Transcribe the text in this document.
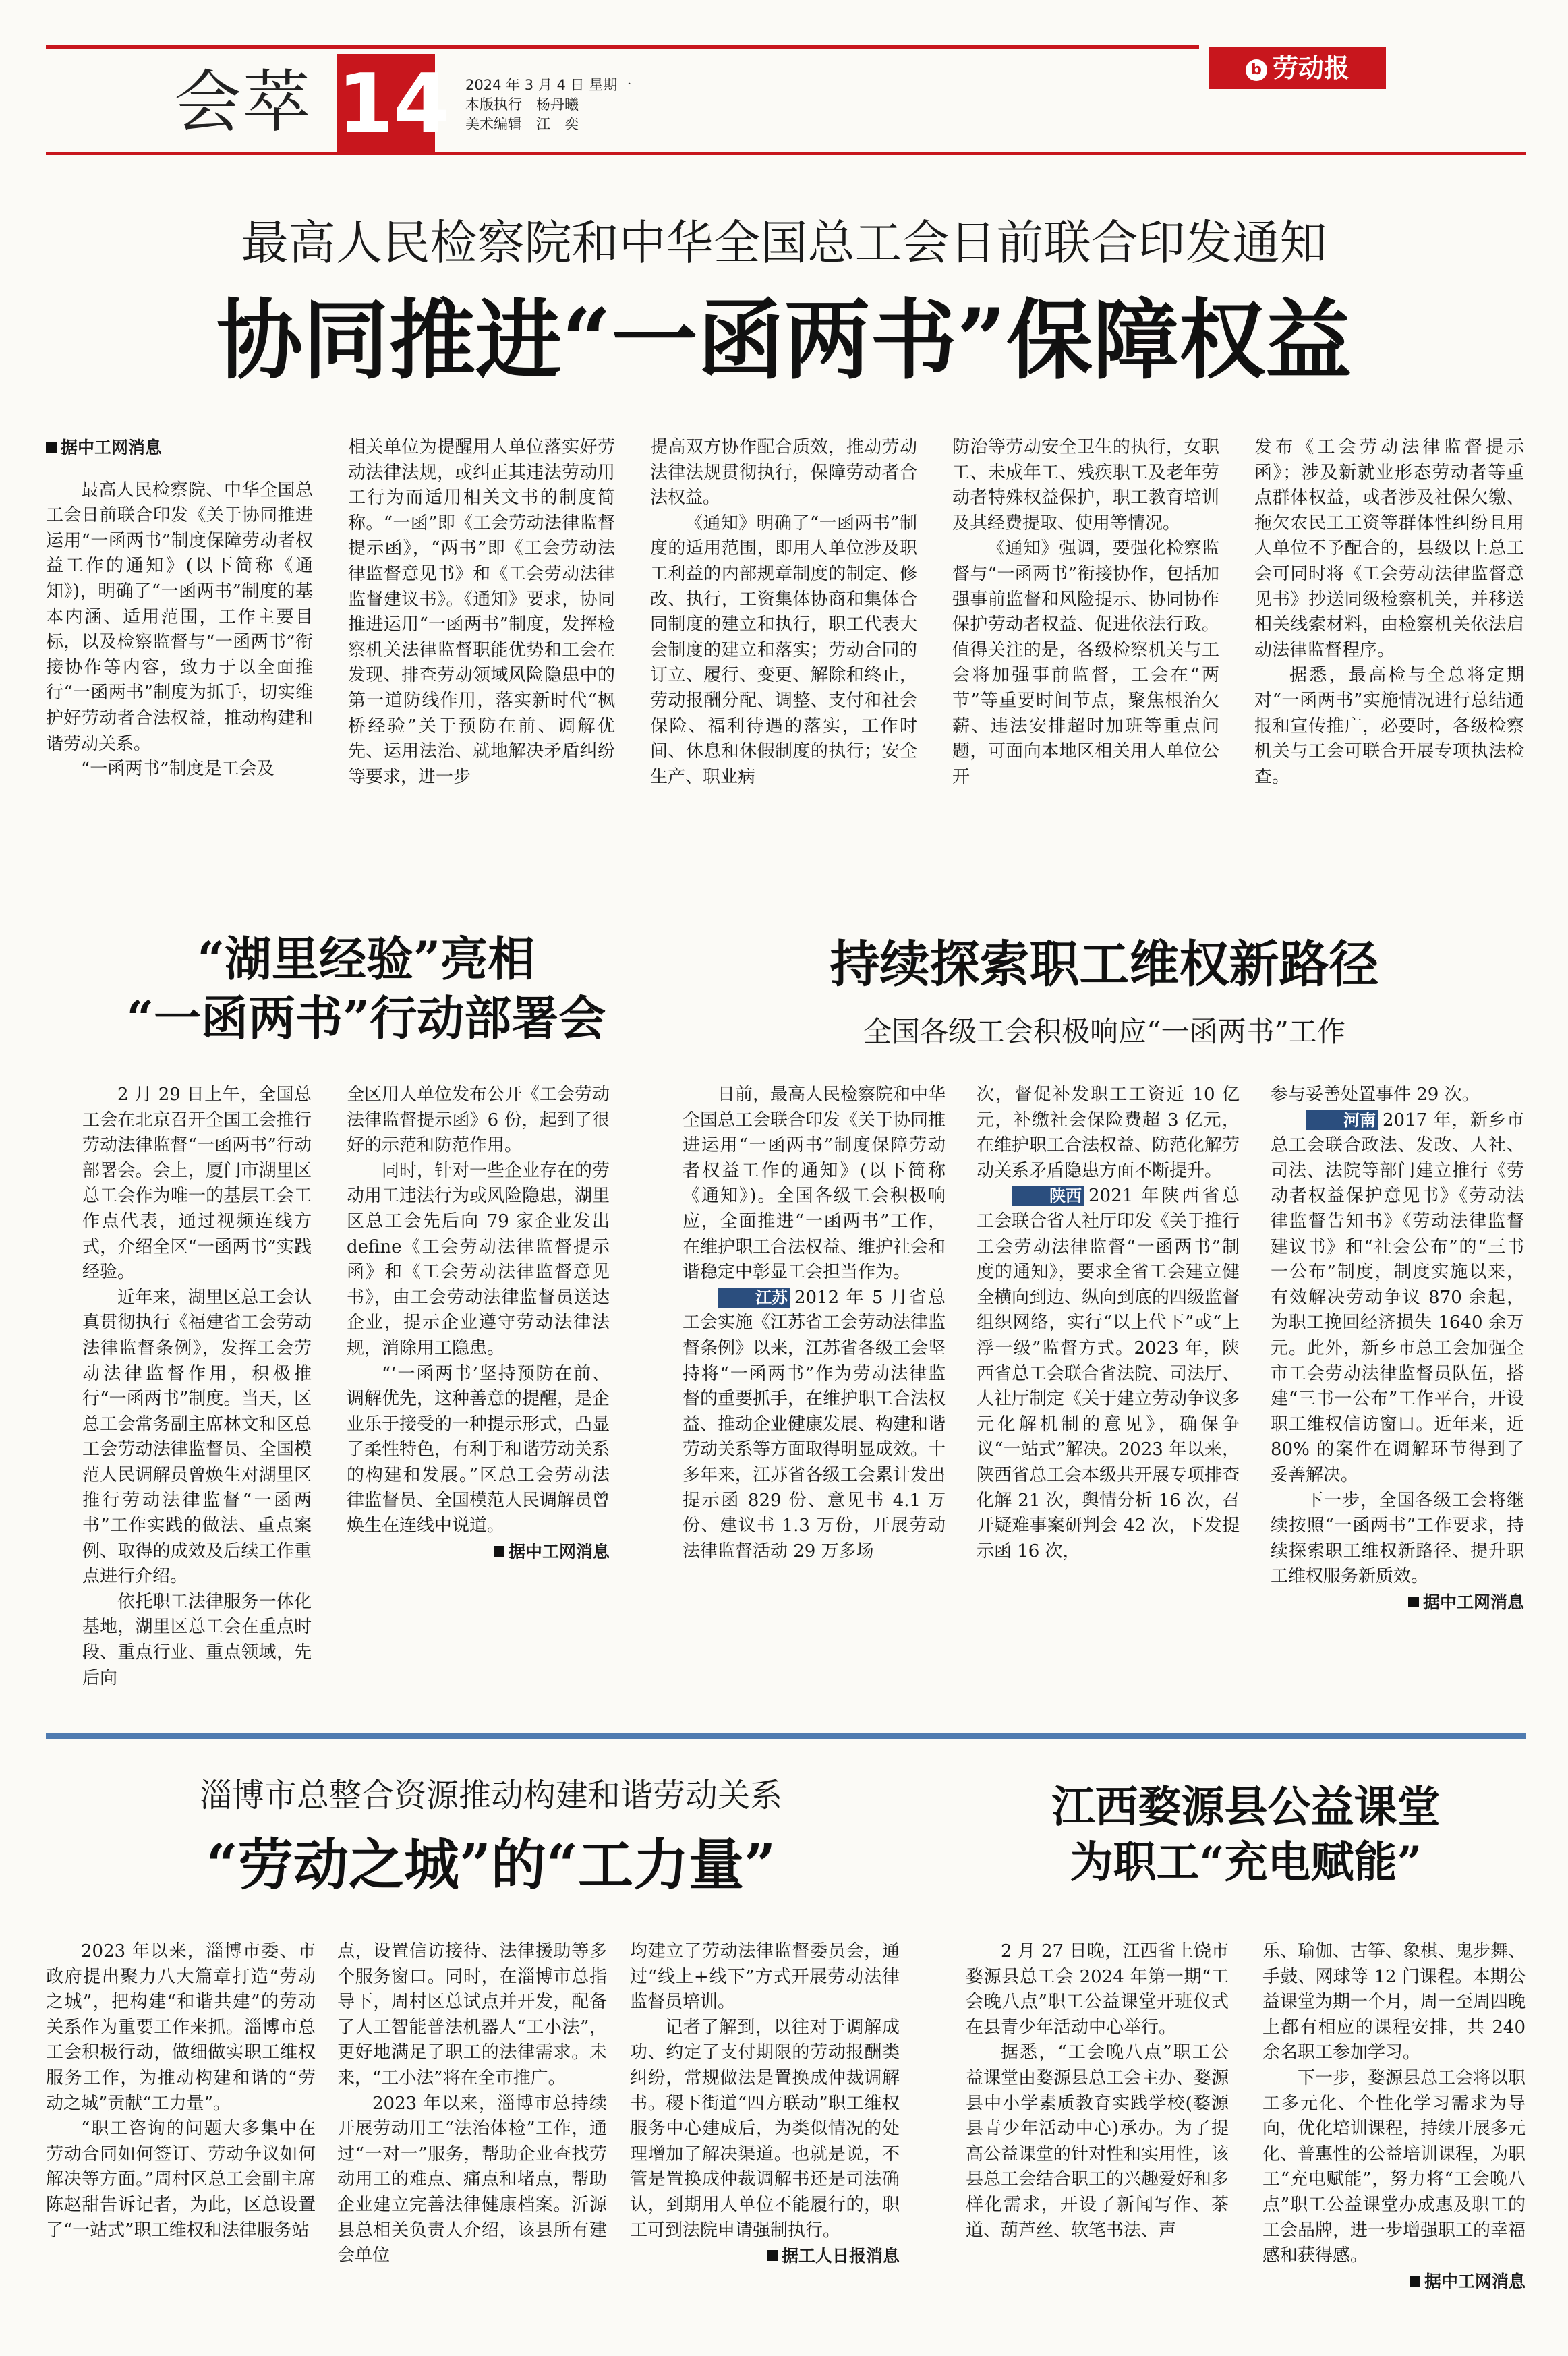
会萃 14 2024 年 3 月 4 日 星期一
本版执行　杨丹曦
美术编辑　江　奕
b 劳动报
最高人民检察院和中华全国总工会日前联合印发通知
协同推进“一函两书”保障权益

据中工网消息

最高人民检察院、中华全国总工会日前联合印发《关于协同推进运用“一函两书”制度保障劳动者权益工作的通知》(以下简称《通知》)，明确了“一函两书”制度的基本内涵、适用范围，工作主要目标，以及检察监督与“一函两书”衔接协作等内容，致力于以全面推行“一函两书”制度为抓手，切实维护好劳动者合法权益，推动构建和谐劳动关系。

“一函两书”制度是工会及

相关单位为提醒用人单位落实好劳动法律法规，或纠正其违法劳动用工行为而适用相关文书的制度简称。“一函”即《工会劳动法律监督提示函》，“两书”即《工会劳动法律监督意见书》和《工会劳动法律监督建议书》。《通知》要求，协同推进运用“一函两书”制度，发挥检察机关法律监督职能优势和工会在发现、排查劳动领域风险隐患中的第一道防线作用，落实新时代“枫桥经验”关于预防在前、调解优先、运用法治、就地解决矛盾纠纷等要求，进一步

提高双方协作配合质效，推动劳动法律法规贯彻执行，保障劳动者合法权益。

《通知》明确了“一函两书”制度的适用范围，即用人单位涉及职工利益的内部规章制度的制定、修改、执行，工资集体协商和集体合同制度的建立和执行，职工代表大会制度的建立和落实；劳动合同的订立、履行、变更、解除和终止，劳动报酬分配、调整、支付和社会保险、福利待遇的落实，工作时间、休息和休假制度的执行；安全生产、职业病

防治等劳动安全卫生的执行，女职工、未成年工、残疾职工及老年劳动者特殊权益保护，职工教育培训及其经费提取、使用等情况。

《通知》强调，要强化检察监督与“一函两书”衔接协作，包括加强事前监督和风险提示、协同协作保护劳动者权益、促进依法行政。值得关注的是，各级检察机关与工会将加强事前监督，工会在“两节”等重要时间节点，聚焦根治欠薪、违法安排超时加班等重点问题，可面向本地区相关用人单位公开

发布《工会劳动法律监督提示函》；涉及新就业形态劳动者等重点群体权益，或者涉及社保欠缴、拖欠农民工工资等群体性纠纷且用人单位不予配合的，县级以上总工会可同时将《工会劳动法律监督意见书》抄送同级检察机关，并移送相关线索材料，由检察机关依法启动法律监督程序。

据悉，最高检与全总将定期对“一函两书”实施情况进行总结通报和宣传推广，必要时，各级检察机关与工会可联合开展专项执法检查。

“湖里经验”亮相
“一函两书”行动部署会

2 月 29 日上午，全国总工会在北京召开全国工会推行劳动法律监督“一函两书”行动部署会。会上，厦门市湖里区总工会作为唯一的基层工会工作点代表，通过视频连线方式，介绍全区“一函两书”实践经验。

近年来，湖里区总工会认真贯彻执行《福建省工会劳动法律监督条例》，发挥工会劳动法律监督作用，积极推行“一函两书”制度。当天，区总工会常务副主席林文和区总工会劳动法律监督员、全国模范人民调解员曾焕生对湖里区推行劳动法律监督“一函两书”工作实践的做法、重点案例、取得的成效及后续工作重点进行介绍。

依托职工法律服务一体化基地，湖里区总工会在重点时段、重点行业、重点领域，先后向

全区用人单位发布公开《工会劳动法律监督提示函》6 份，起到了很好的示范和防范作用。

同时，针对一些企业存在的劳动用工违法行为或风险隐患，湖里区总工会先后向 79 家企业发出define《工会劳动法律监督提示函》和《工会劳动法律监督意见书》，由工会劳动法律监督员送达企业，提示企业遵守劳动法律法规，消除用工隐患。

“‘一函两书’坚持预防在前、调解优先，这种善意的提醒，是企业乐于接受的一种提示形式，凸显了柔性特色，有利于和谐劳动关系的构建和发展。”区总工会劳动法律监督员、全国模范人民调解员曾焕生在连线中说道。

据中工网消息

持续探索职工维权新路径
全国各级工会积极响应“一函两书”工作

日前，最高人民检察院和中华全国总工会联合印发《关于协同推进运用“一函两书”制度保障劳动者权益工作的通知》(以下简称《通知》)。全国各级工会积极响应，全面推进“一函两书”工作，在维护职工合法权益、维护社会和谐稳定中彰显工会担当作为。

江苏 2012 年 5 月省总工会实施《江苏省工会劳动法律监督条例》以来，江苏省各级工会坚持将“一函两书”作为劳动法律监督的重要抓手，在维护职工合法权益、推动企业健康发展、构建和谐劳动关系等方面取得明显成效。十多年来，江苏省各级工会累计发出提示函 829 份、意见书 4.1 万份、建议书 1.3 万份，开展劳动法律监督活动 29 万多场

次，督促补发职工工资近 10 亿元，补缴社会保险费超 3 亿元，在维护职工合法权益、防范化解劳动关系矛盾隐患方面不断提升。

陕西 2021 年陕西省总工会联合省人社厅印发《关于推行工会劳动法律监督“一函两书”制度的通知》，要求全省工会建立健全横向到边、纵向到底的四级监督组织网络，实行“以上代下”或“上浮一级”监督方式。2023 年，陕西省总工会联合省法院、司法厅、人社厅制定《关于建立劳动争议多元化解机制的意见》，确保争议“一站式”解决。2023 年以来，陕西省总工会本级共开展专项排查化解 21 次，舆情分析 16 次，召开疑难事案研判会 42 次，下发提示函 16 次，

参与妥善处置事件 29 次。

河南 2017 年，新乡市总工会联合政法、发改、人社、司法、法院等部门建立推行《劳动者权益保护意见书》《劳动法律监督告知书》《劳动法律监督建议书》和“社会公布”的“三书一公布”制度，制度实施以来，有效解决劳动争议 870 余起，为职工挽回经济损失 1640 余万元。此外，新乡市总工会加强全市工会劳动法律监督员队伍，搭建“三书一公布”工作平台，开设职工维权信访窗口。近年来，近 80% 的案件在调解环节得到了妥善解决。

下一步，全国各级工会将继续按照“一函两书”工作要求，持续探索职工维权新路径、提升职工维权服务新质效。

据中工网消息

淄博市总整合资源推动构建和谐劳动关系
“劳动之城”的“工力量”

2023 年以来，淄博市委、市政府提出聚力八大篇章打造“劳动之城”，把构建“和谐共建”的劳动关系作为重要工作来抓。淄博市总工会积极行动，做细做实职工维权服务工作，为推动构建和谐的“劳动之城”贡献“工力量”。

“职工咨询的问题大多集中在劳动合同如何签订、劳动争议如何解决等方面。”周村区总工会副主席陈赵甜告诉记者，为此，区总设置了“一站式”职工维权和法律服务站

点，设置信访接待、法律援助等多个服务窗口。同时，在淄博市总指导下，周村区总试点并开发，配备了人工智能普法机器人“工小法”，更好地满足了职工的法律需求。未来，“工小法”将在全市推广。

2023 年以来，淄博市总持续开展劳动用工“法治体检”工作，通过“一对一”服务，帮助企业查找劳动用工的难点、痛点和堵点，帮助企业建立完善法律健康档案。沂源县总相关负责人介绍，该县所有建会单位

均建立了劳动法律监督委员会，通过“线上+线下”方式开展劳动法律监督员培训。

记者了解到，以往对于调解成功、约定了支付期限的劳动报酬类纠纷，常规做法是置换成仲裁调解书。稷下街道“四方联动”职工维权服务中心建成后，为类似情况的处理增加了解决渠道。也就是说，不管是置换成仲裁调解书还是司法确认，到期用人单位不能履行的，职工可到法院申请强制执行。

据工人日报消息

江西婺源县公益课堂
为职工“充电赋能”

2 月 27 日晚，江西省上饶市婺源县总工会 2024 年第一期“工会晚八点”职工公益课堂开班仪式在县青少年活动中心举行。

据悉，“工会晚八点”职工公益课堂由婺源县总工会主办、婺源县中小学素质教育实践学校(婺源县青少年活动中心)承办。为了提高公益课堂的针对性和实用性，该县总工会结合职工的兴趣爱好和多样化需求，开设了新闻写作、茶道、葫芦丝、软笔书法、声

乐、瑜伽、古筝、象棋、鬼步舞、手鼓、网球等 12 门课程。本期公益课堂为期一个月，周一至周四晚上都有相应的课程安排，共 240 余名职工参加学习。

下一步，婺源县总工会将以职工多元化、个性化学习需求为导向，优化培训课程，持续开展多元化、普惠性的公益培训课程，为职工“充电赋能”，努力将“工会晚八点”职工公益课堂办成惠及职工的工会品牌，进一步增强职工的幸福感和获得感。

据中工网消息
